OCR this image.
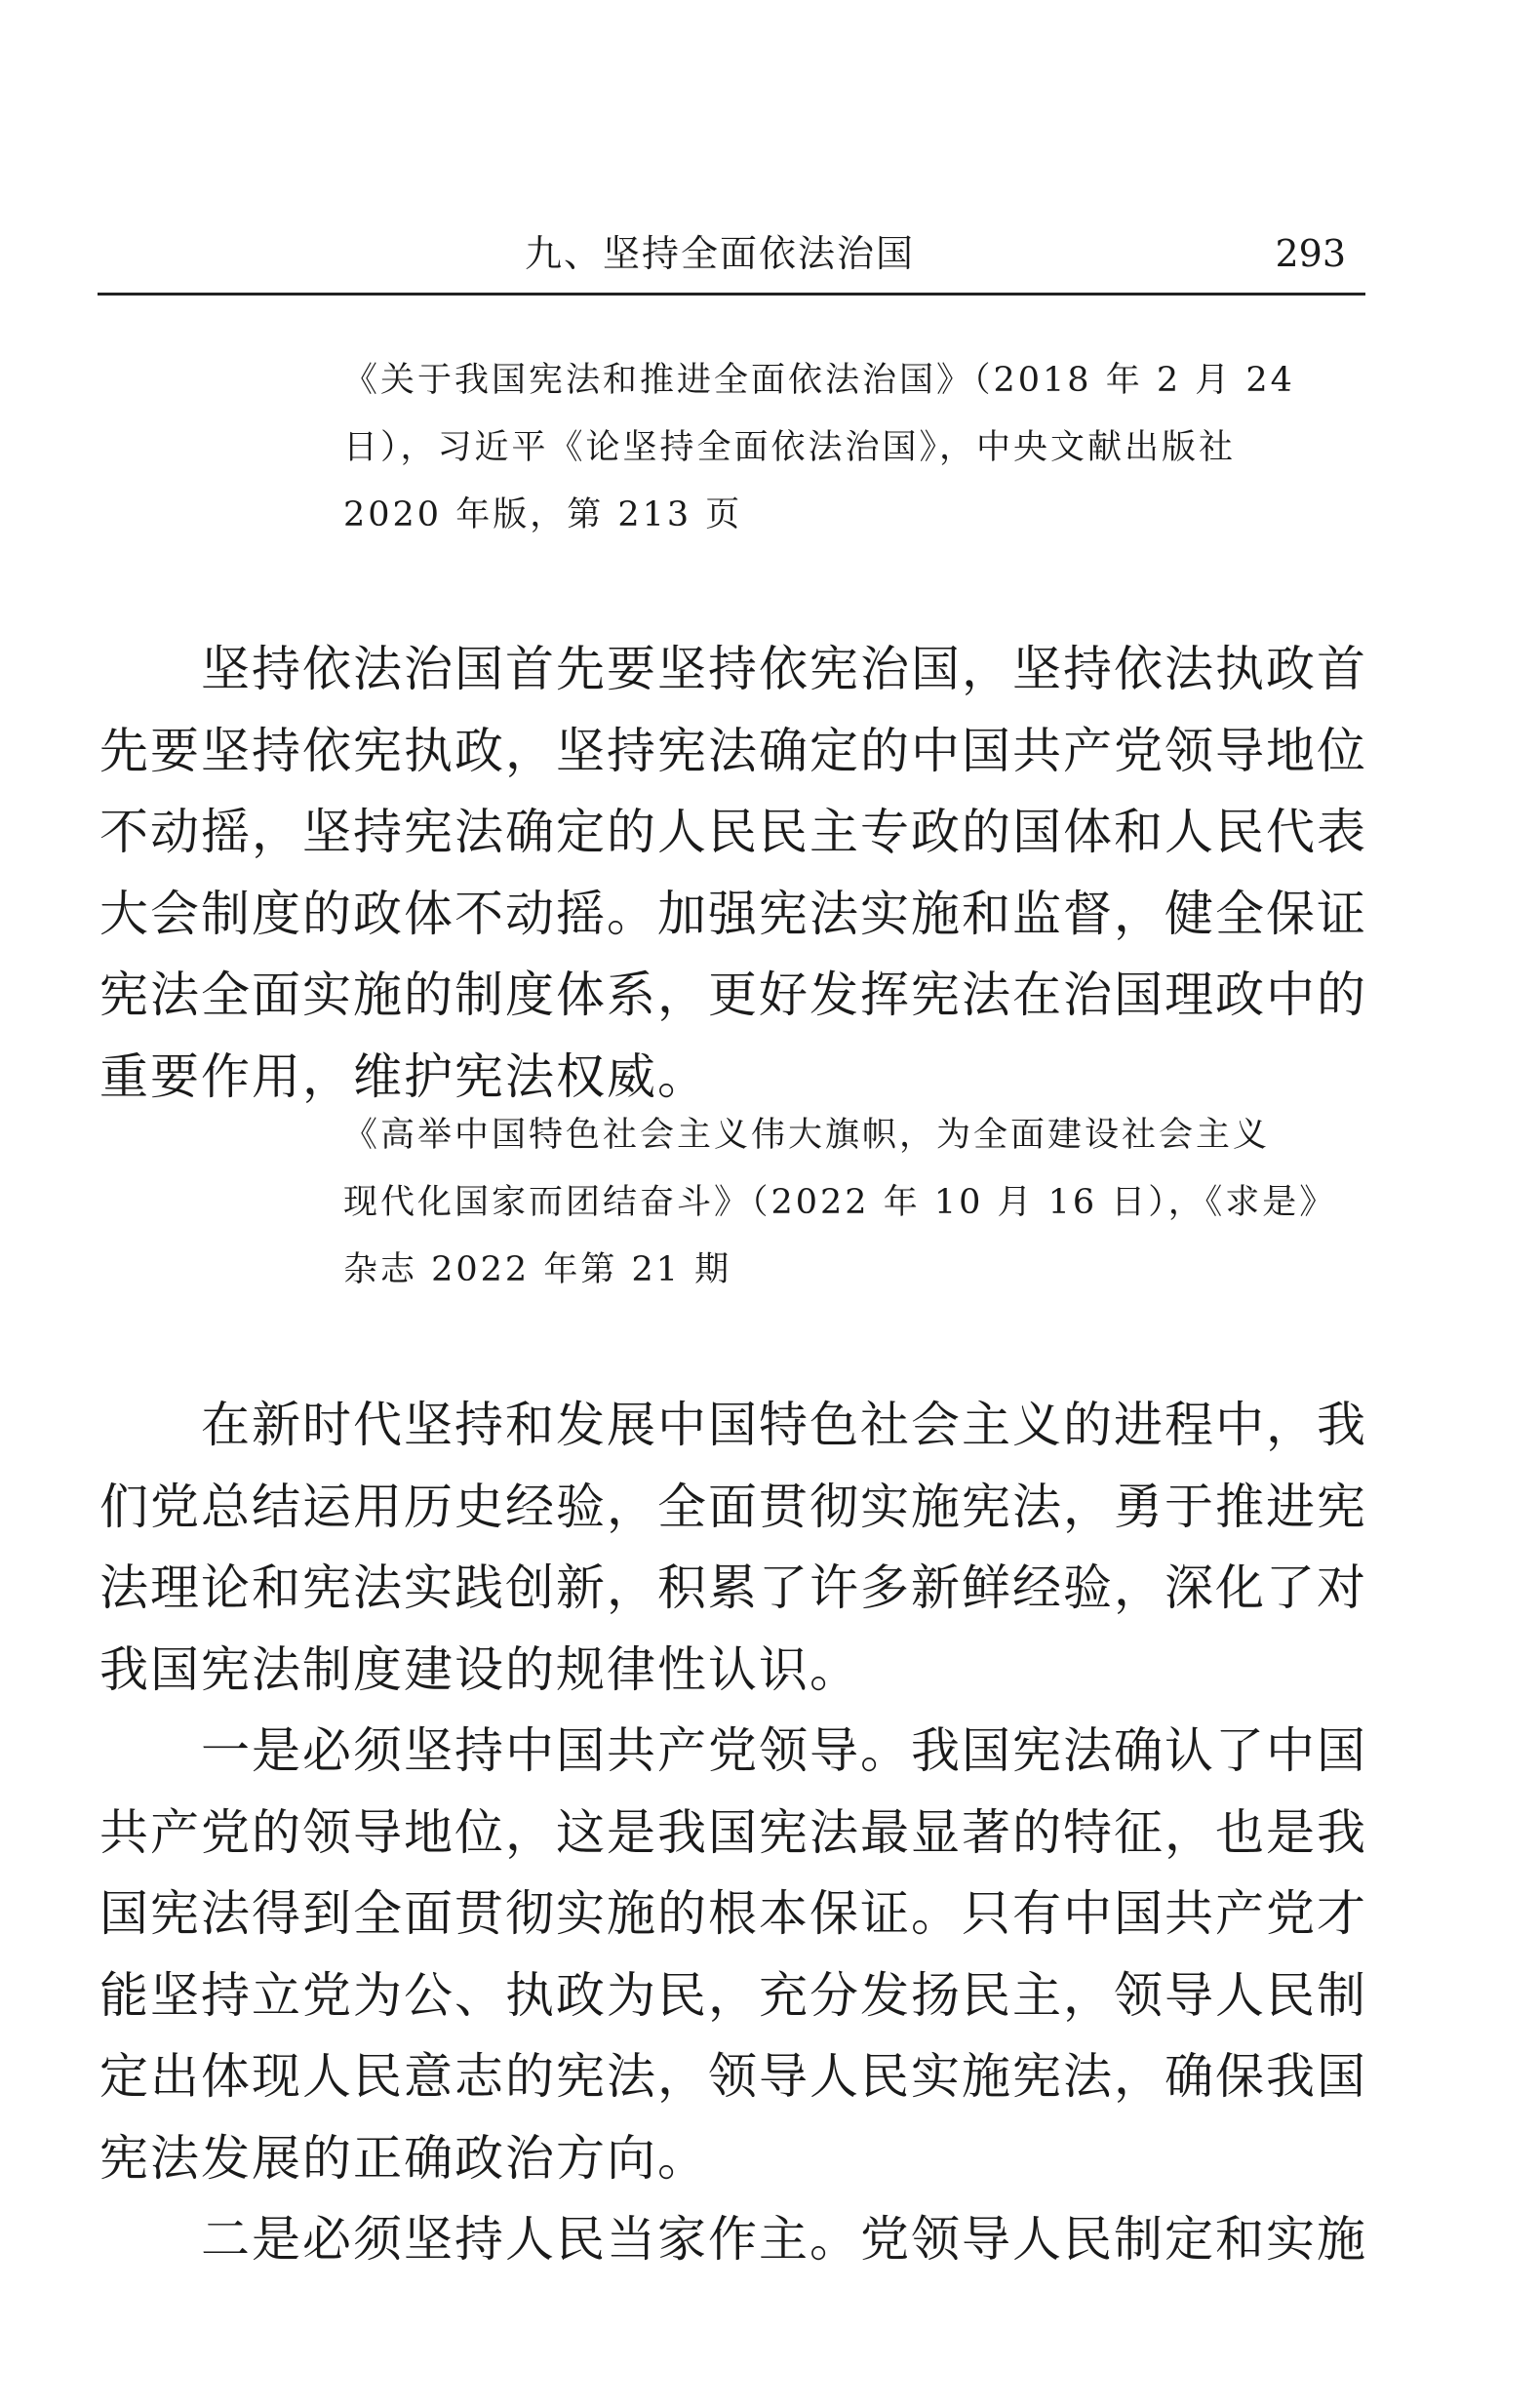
九、坚持全面依法治国	293
《关于我国宪法和推进全面依法治国》（2018 年 2 月 24
日），习近平《论坚持全面依法治国》，中央文献出版社
2020 年版，第 213 页
坚持依法治国首先要坚持依宪治国，坚持依法执政首
先要坚持依宪执政，坚持宪法确定的中国共产党领导地位
不动摇，坚持宪法确定的人民民主专政的国体和人民代表
大会制度的政体不动摇。加强宪法实施和监督，健全保证
宪法全面实施的制度体系，更好发挥宪法在治国理政中的
重要作用，维护宪法权威。
《高举中国特色社会主义伟大旗帜，为全面建设社会主义
现代化国家而团结奋斗》（2022 年 10 月 16 日），《求是》
杂志 2022 年第 21 期
在新时代坚持和发展中国特色社会主义的进程中，我
们党总结运用历史经验，全面贯彻实施宪法，勇于推进宪
法理论和宪法实践创新，积累了许多新鲜经验，深化了对
我国宪法制度建设的规律性认识。
一是必须坚持中国共产党领导。我国宪法确认了中国
共产党的领导地位，这是我国宪法最显著的特征，也是我
国宪法得到全面贯彻实施的根本保证。只有中国共产党才
能坚持立党为公、执政为民，充分发扬民主，领导人民制
定出体现人民意志的宪法，领导人民实施宪法，确保我国
宪法发展的正确政治方向。
二是必须坚持人民当家作主。党领导人民制定和实施
